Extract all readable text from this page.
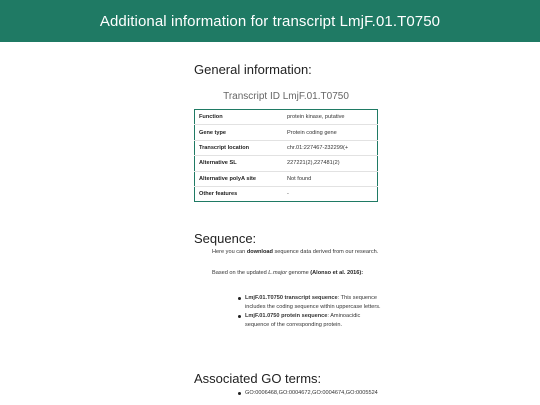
Additional information for transcript LmjF.01.T0750
General information:
Transcript ID LmjF.01.T0750
Function	protein kinase, putative
Gene type	Protein coding gene
Transcript location	chr.01:227467-232299(+
Alternative SL	227221(2),227481(2)
Alternative polyA site	Not found
Other features	-
Sequence:
Here you can download sequence data derived from our research.
Based on the updated L.major genome (Alonso et al. 2016):
LmjF.01.T0750 transcript sequence: This sequence includes the coding sequence within uppercase letters.
LmjF.01.0750 protein sequence: Aminoacidic sequence of the corresponding protein.
Associated GO terms:
GO:0006468,GO:0004672,GO:0004674,GO:0005524
